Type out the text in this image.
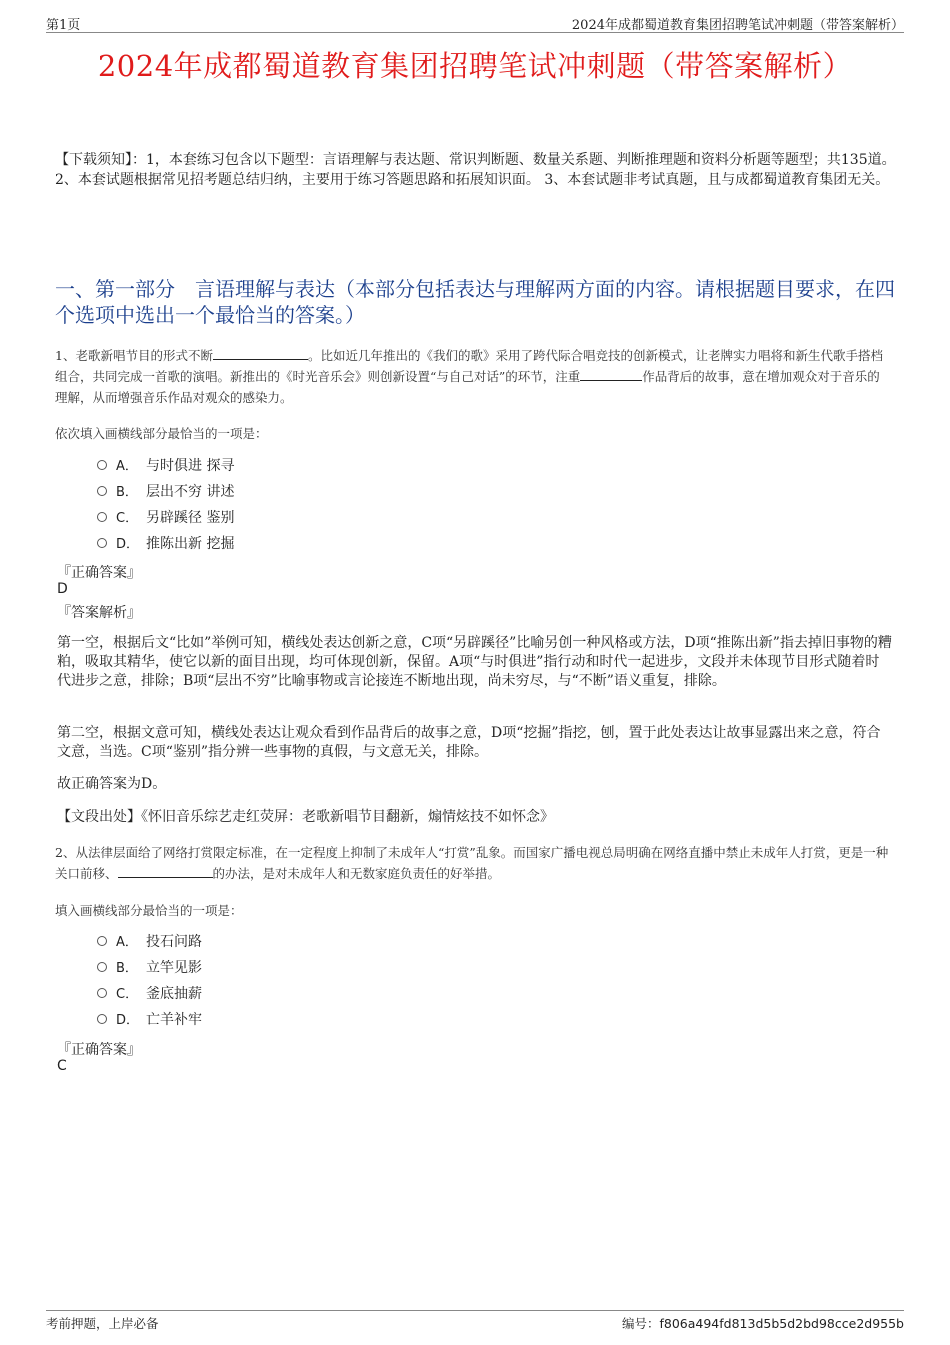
第1页	2024年成都蜀道教育集团招聘笔试冲刺题（带答案解析）
2024年成都蜀道教育集团招聘笔试冲刺题（带答案解析）
【下载须知】：1，本套练习包含以下题型：言语理解与表达题、常识判断题、数量关系题、判断推理题和资料分析题等题型；共135道。 2、本套试题根据常见招考题总结归纳，主要用于练习答题思路和拓展知识面。 3、本套试题非考试真题，且与成都蜀道教育集团无关。
一、第一部分　言语理解与表达（本部分包括表达与理解两方面的内容。请根据题目要求，在四个选项中选出一个最恰当的答案。）
1、老歌新唱节目的形式不断	。比如近几年推出的《我们的歌》采用了跨代际合唱竞技的创新模式，让老牌实力唱将和新生代歌手搭档组合，共同完成一首歌的演唱。新推出的《时光音乐会》则创新设置“与自己对话”的环节，注重	作品背后的故事，意在增加观众对于音乐的理解，从而增强音乐作品对观众的感染力。
依次填入画横线部分最恰当的一项是：
A． 与时俱进 探寻
B． 层出不穷 讲述
C． 另辟蹊径 鉴别
D． 推陈出新 挖掘
『正确答案』
D
『答案解析』
第一空，根据后文“比如”举例可知，横线处表达创新之意，C项“另辟蹊径”比喻另创一种风格或方法，D项“推陈出新”指去掉旧事物的糟粕，吸取其精华，使它以新的面目出现，均可体现创新，保留。A项“与时俱进”指行动和时代一起进步，文段并未体现节目形式随着时代进步之意，排除；B项“层出不穷”比喻事物或言论接连不断地出现，尚未穷尽，与“不断”语义重复，排除。
第二空，根据文意可知，横线处表达让观众看到作品背后的故事之意，D项“挖掘”指挖，刨，置于此处表达让故事显露出来之意，符合文意，当选。C项“鉴别”指分辨一些事物的真假，与文意无关，排除。
故正确答案为D。
【文段出处】《怀旧音乐综艺走红荧屏：老歌新唱节目翻新，煽情炫技不如怀念》
2、从法律层面给了网络打赏限定标准，在一定程度上抑制了未成年人“打赏”乱象。而国家广播电视总局明确在网络直播中禁止未成年人打赏，更是一种关口前移、	的办法，是对未成年人和无数家庭负责任的好举措。
填入画横线部分最恰当的一项是：
A． 投石问路
B． 立竿见影
C． 釜底抽薪
D． 亡羊补牢
『正确答案』
C
考前押题，上岸必备	编号：f806a494fd813d5b5d2bd98cce2d955b
